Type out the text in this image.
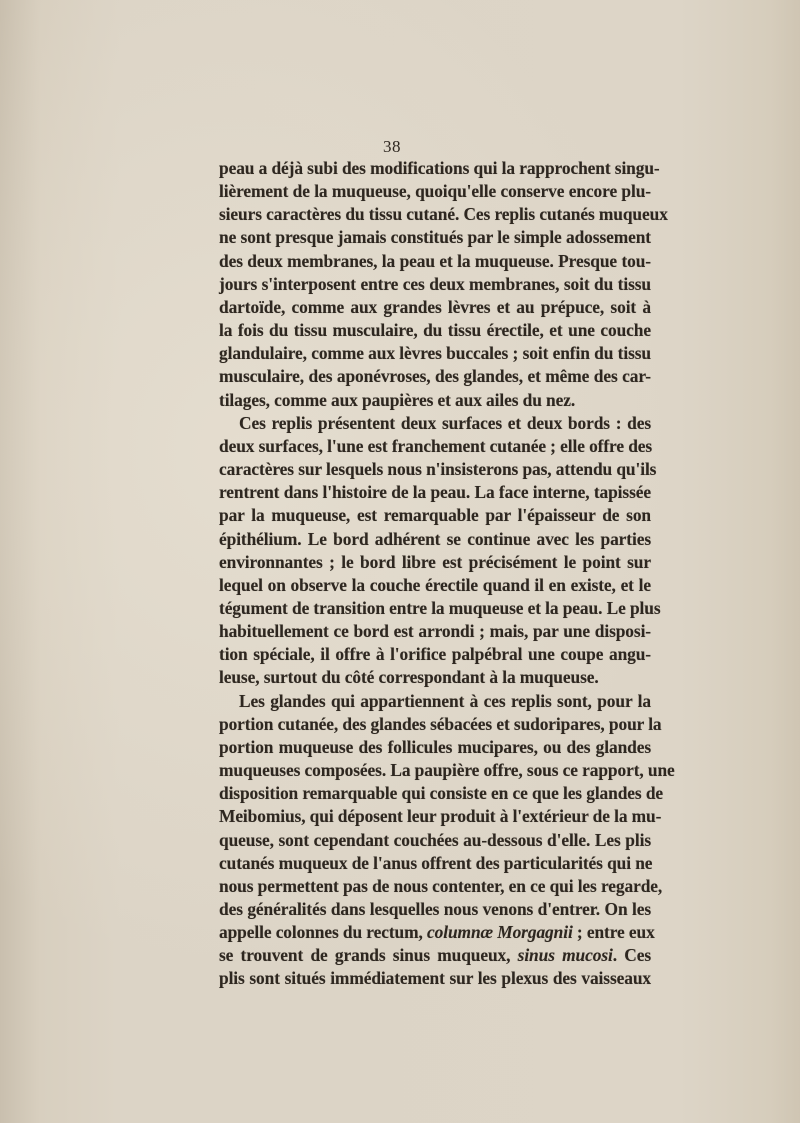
38

peau a déjà subi des modifications qui la rapprochent singu-
lièrement de la muqueuse, quoiqu'elle conserve encore plu-
sieurs caractères du tissu cutané. Ces replis cutanés muqueux
ne sont presque jamais constitués par le simple adossement
des deux membranes, la peau et la muqueuse. Presque tou-
jours s'interposent entre ces deux membranes, soit du tissu
dartoïde, comme aux grandes lèvres et au prépuce, soit à
la fois du tissu musculaire, du tissu érectile, et une couche
glandulaire, comme aux lèvres buccales ; soit enfin du tissu
musculaire, des aponévroses, des glandes, et même des car-
tilages, comme aux paupières et aux ailes du nez.

Ces replis présentent deux surfaces et deux bords : des
deux surfaces, l'une est franchement cutanée ; elle offre des
caractères sur lesquels nous n'insisterons pas, attendu qu'ils
rentrent dans l'histoire de la peau. La face interne, tapissée
par la muqueuse, est remarquable par l'épaisseur de son
épithélium. Le bord adhérent se continue avec les parties
environnantes ; le bord libre est précisément le point sur
lequel on observe la couche érectile quand il en existe, et le
tégument de transition entre la muqueuse et la peau. Le plus
habituellement ce bord est arrondi ; mais, par une disposi-
tion spéciale, il offre à l'orifice palpébral une coupe angu-
leuse, surtout du côté correspondant à la muqueuse.

Les glandes qui appartiennent à ces replis sont, pour la
portion cutanée, des glandes sébacées et sudoripares, pour la
portion muqueuse des follicules mucipares, ou des glandes
muqueuses composées. La paupière offre, sous ce rapport, une
disposition remarquable qui consiste en ce que les glandes de
Meibomius, qui déposent leur produit à l'extérieur de la mu-
queuse, sont cependant couchées au-dessous d'elle. Les plis
cutanés muqueux de l'anus offrent des particularités qui ne
nous permettent pas de nous contenter, en ce qui les regarde,
des généralités dans lesquelles nous venons d'entrer. On les
appelle colonnes du rectum, columnæ Morgagnii ; entre eux
se trouvent de grands sinus muqueux, sinus mucosi. Ces
plis sont situés immédiatement sur les plexus des vaisseaux
